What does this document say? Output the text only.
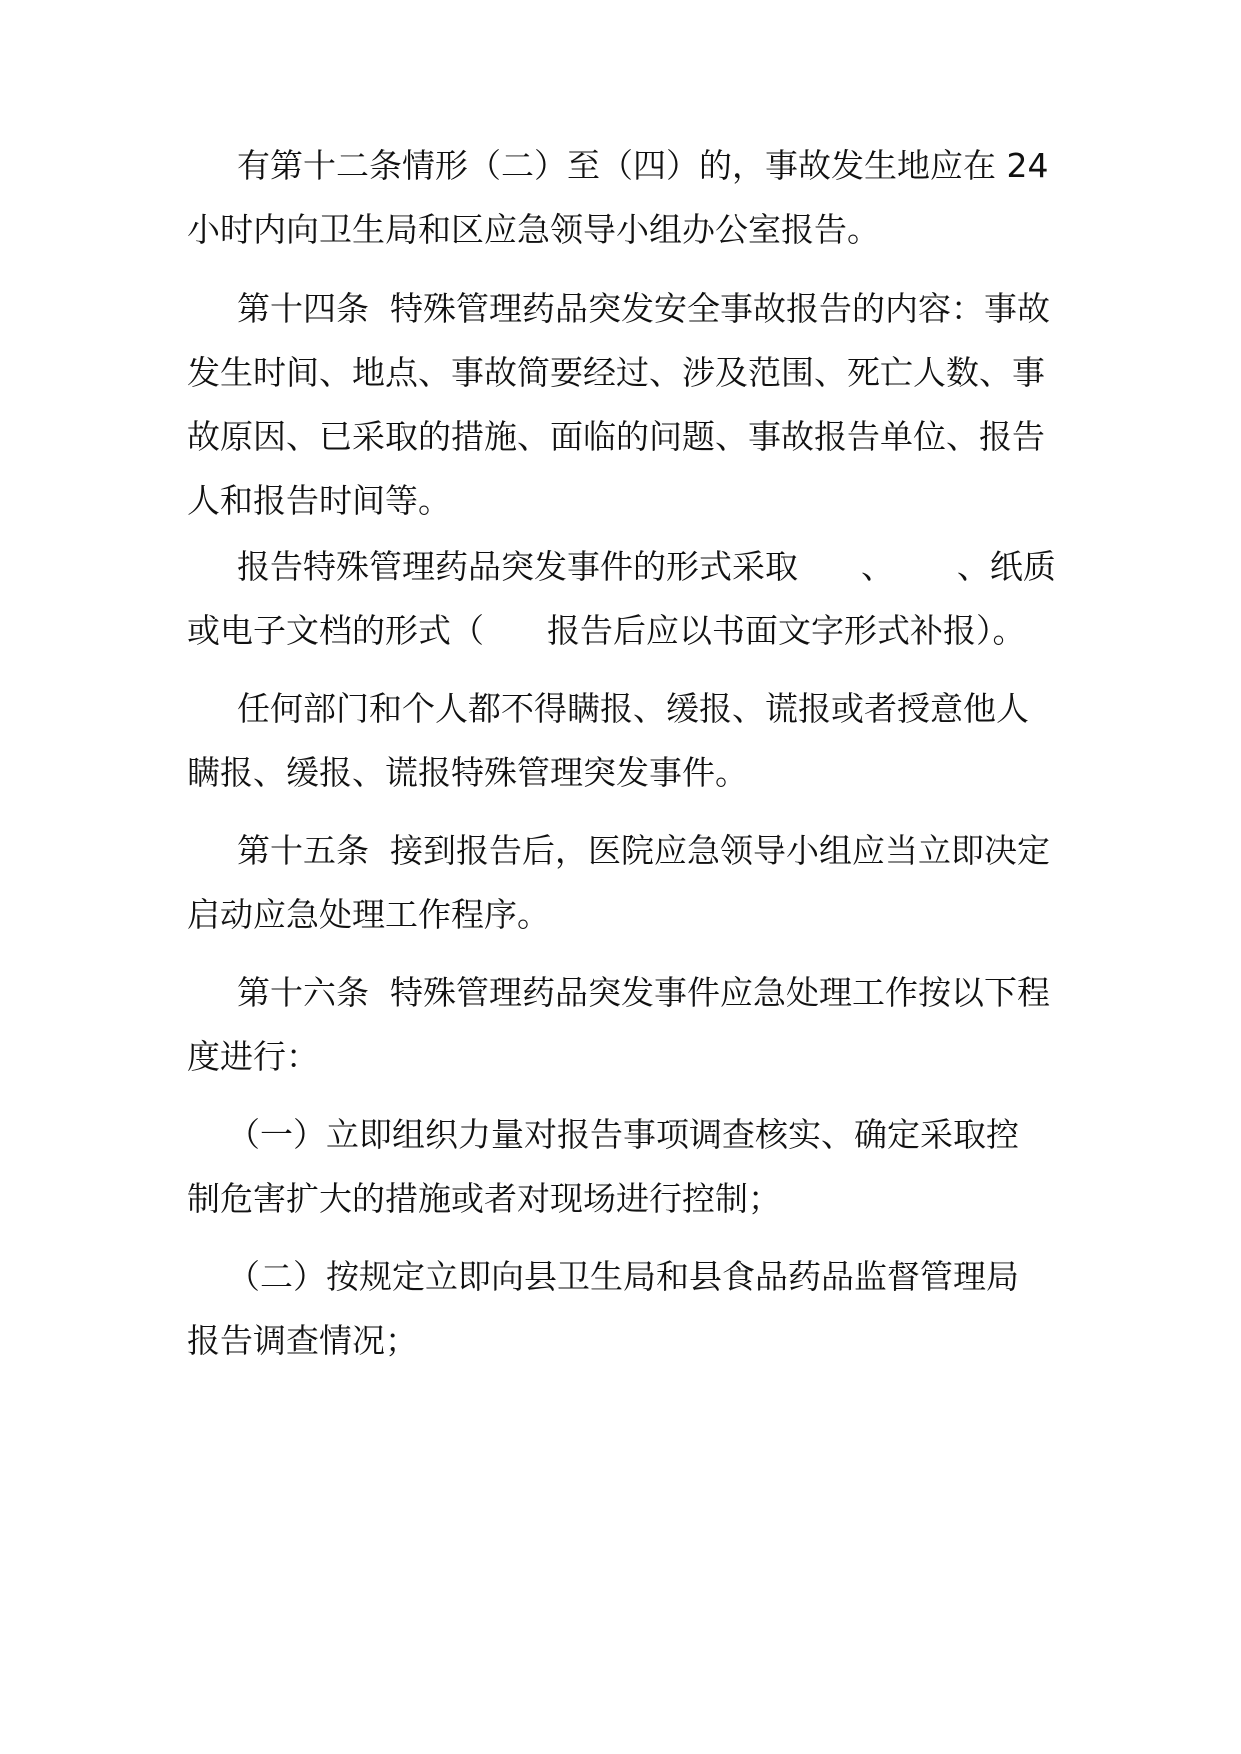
有第十二条情形（二）至（四）的，事故发生地应在 24
小时内向卫生局和区应急领导小组办公室报告。

第十四条  特殊管理药品突发安全事故报告的内容：事故
发生时间、地点、事故简要经过、涉及范围、死亡人数、事
故原因、已采取的措施、面临的问题、事故报告单位、报告
人和报告时间等。

报告特殊管理药品突发事件的形式采取      、      、纸质
或电子文档的形式（      报告后应以书面文字形式补报）。

任何部门和个人都不得瞒报、缓报、谎报或者授意他人
瞒报、缓报、谎报特殊管理突发事件。

第十五条  接到报告后，医院应急领导小组应当立即决定
启动应急处理工作程序。

第十六条  特殊管理药品突发事件应急处理工作按以下程
度进行：

（一）立即组织力量对报告事项调查核实、确定采取控
制危害扩大的措施或者对现场进行控制；

（二）按规定立即向县卫生局和县食品药品监督管理局
报告调查情况；
